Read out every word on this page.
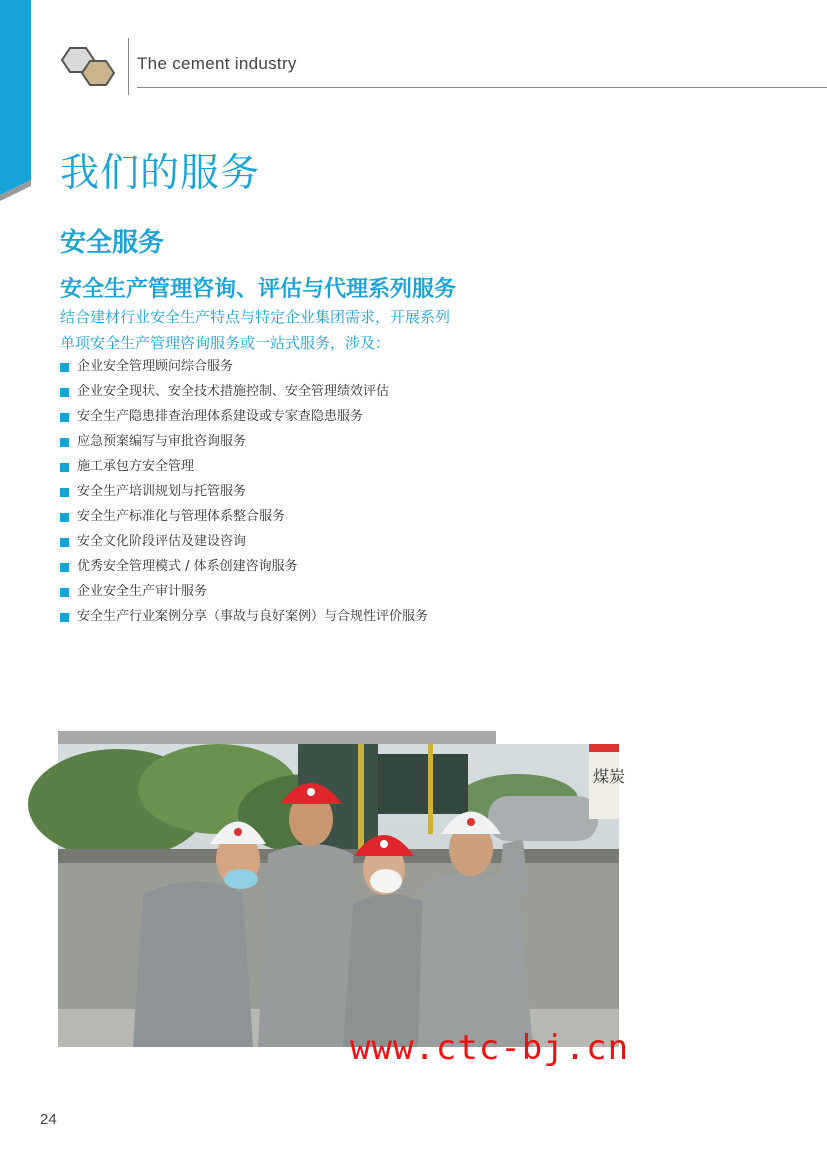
The cement industry
我们的服务
安全服务
安全生产管理咨询、评估与代理系列服务

结合建材行业安全生产特点与特定企业集团需求，开展系列
单项安全生产管理咨询服务或一站式服务，涉及：

企业安全管理顾问综合服务
企业安全现状、安全技术措施控制、安全管理绩效评估
安全生产隐患排查治理体系建设或专家查隐患服务
应急预案编写与审批咨询服务
施工承包方安全管理
安全生产培训规划与托管服务
安全生产标准化与管理体系整合服务
安全文化阶段评估及建设咨询
优秀安全管理模式 / 体系创建咨询服务
企业安全生产审计服务
安全生产行业案例分享（事故与良好案例）与合规性评价服务
煤炭
www.ctc-bj.cn
24
